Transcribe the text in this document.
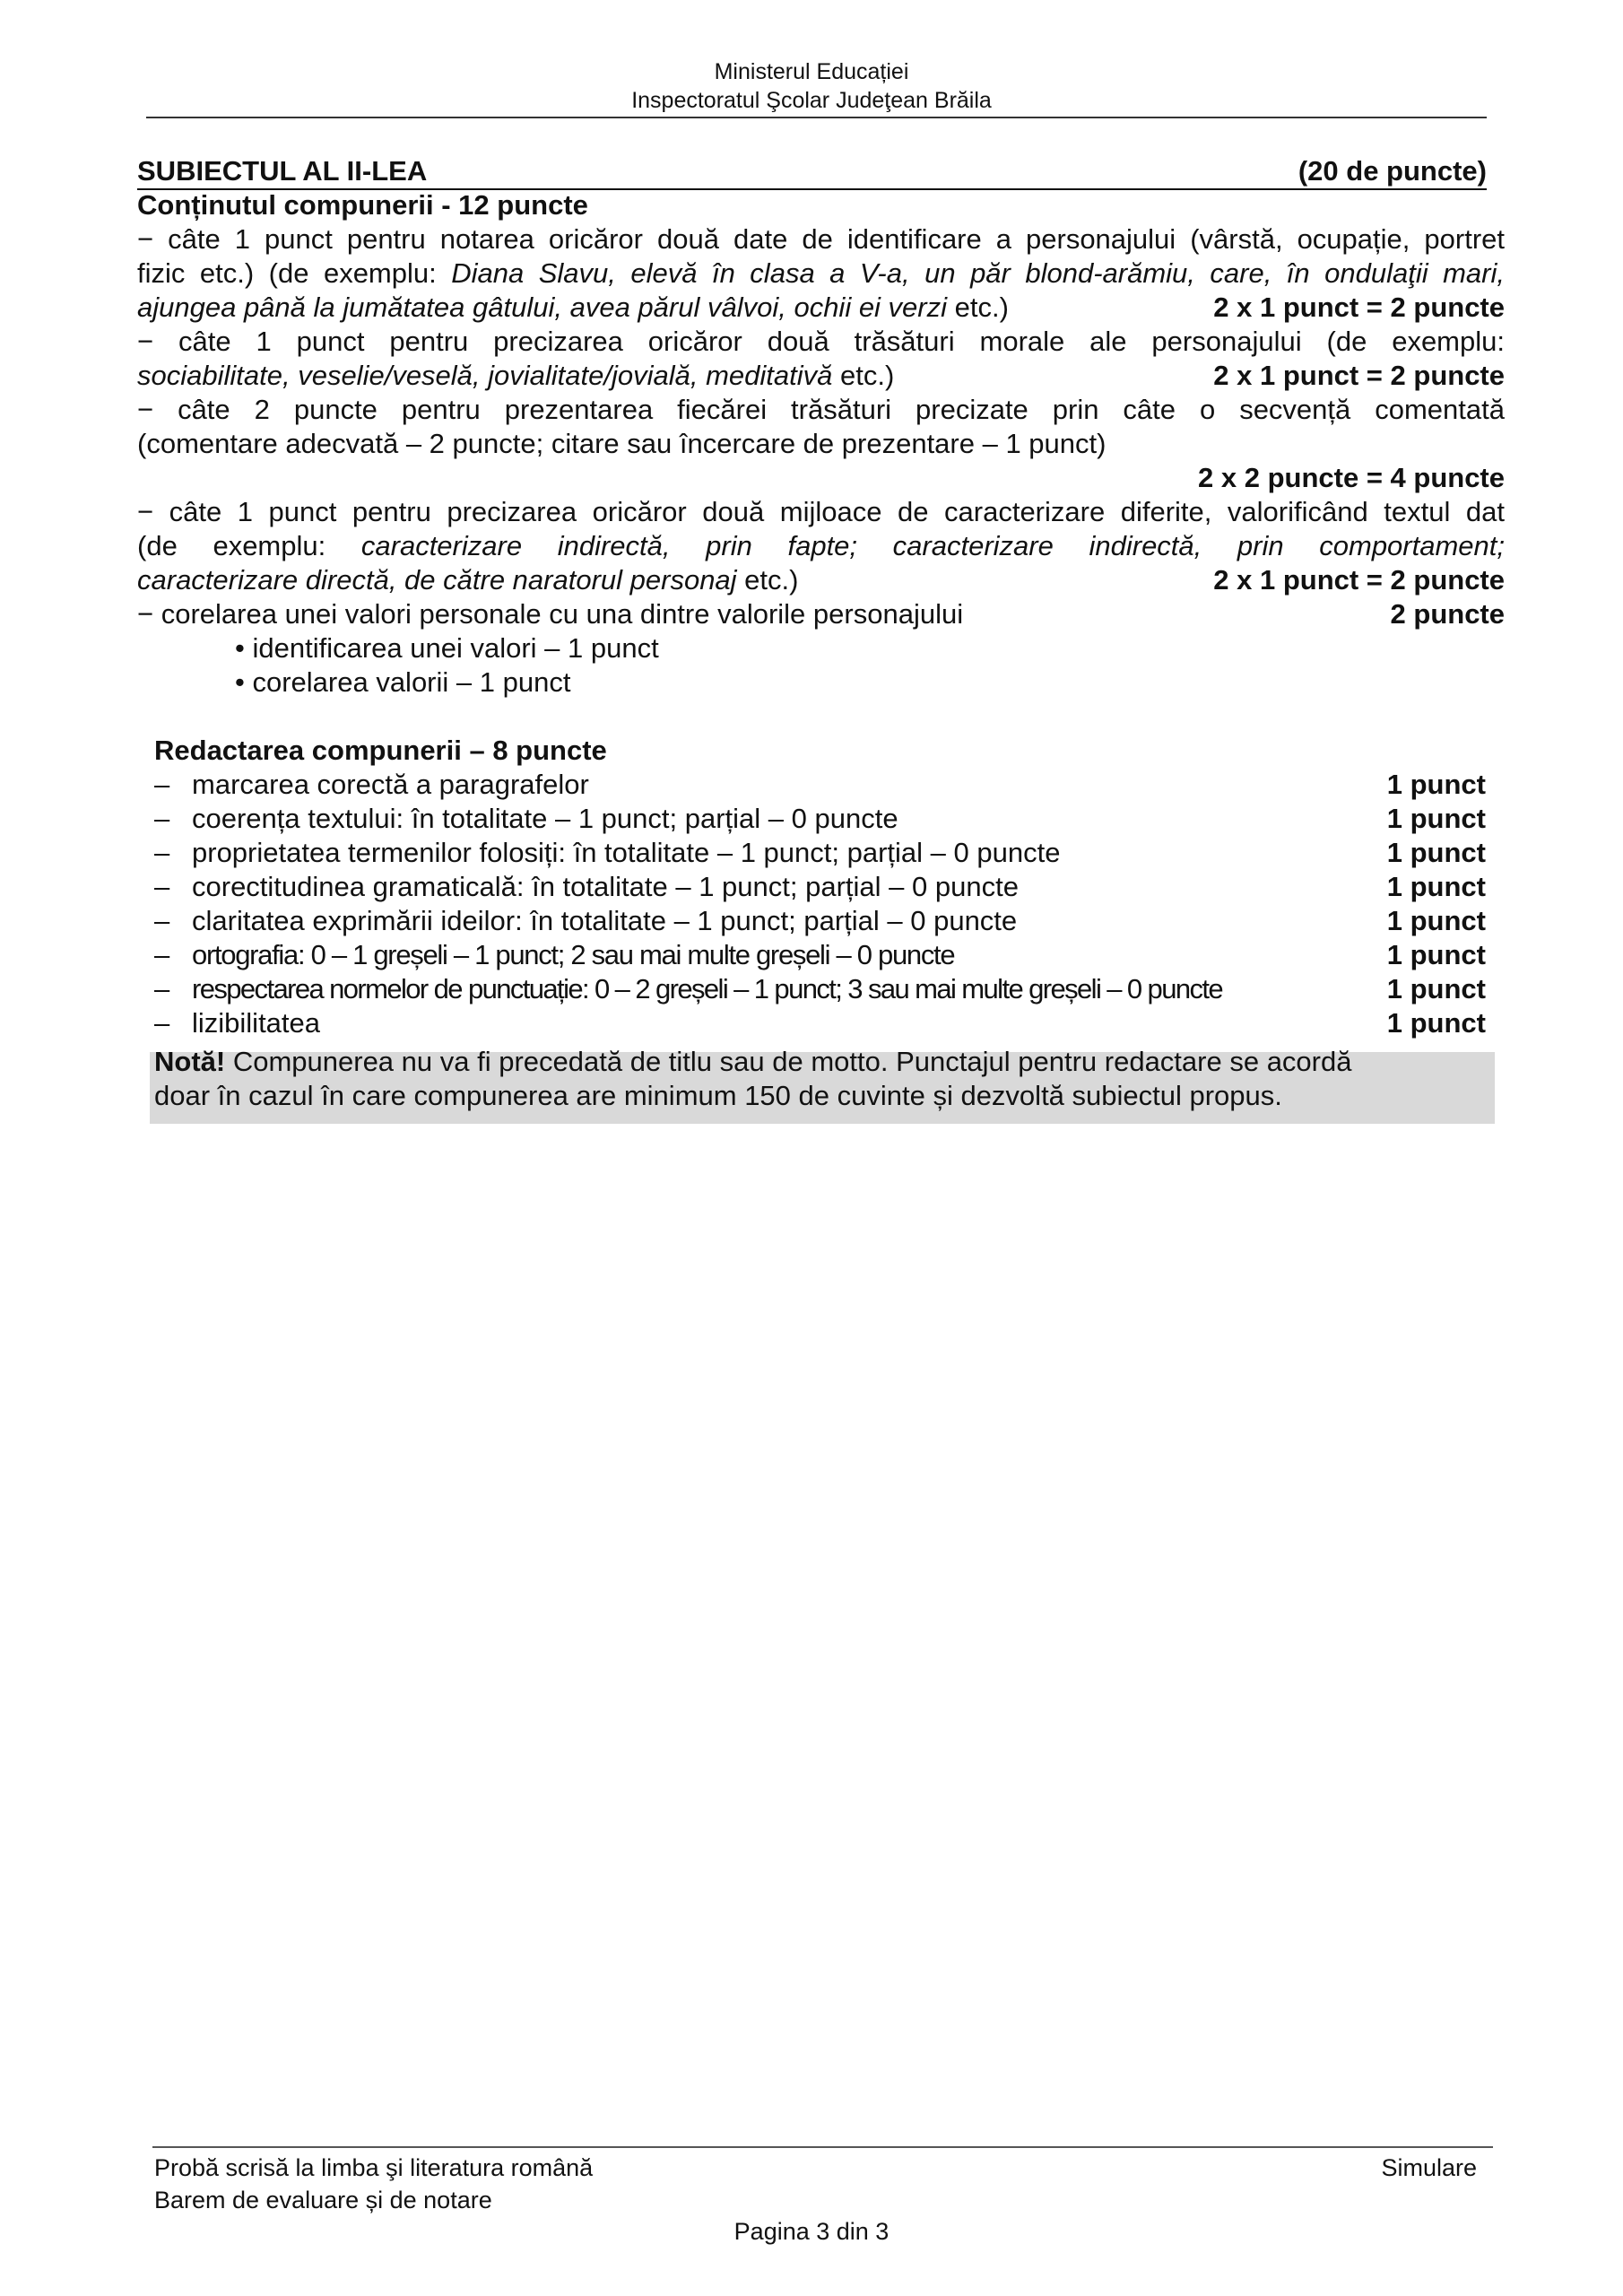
Ministerul Educației
Inspectoratul Şcolar Judeţean Brăila
SUBIECTUL AL II-LEA	(20 de puncte)
Conținutul compunerii - 12 puncte
− câte 1 punct pentru notarea oricăror două date de identificare a personajului (vârstă, ocupație, portret
fizic etc.) (de exemplu: Diana Slavu, elevă în clasa a V-a, un păr blond-arămiu, care, în ondulaţii mari,
ajungea până la jumătatea gâtului, avea părul vâlvoi, ochii ei verzi etc.)	2 x 1 punct = 2 puncte
− câte 1 punct pentru precizarea oricăror două trăsături morale ale personajului (de exemplu:
sociabilitate, veselie/veselă, jovialitate/jovială, meditativă etc.)	2 x 1 punct = 2 puncte
− câte 2 puncte pentru prezentarea fiecărei trăsături precizate prin câte o secvență comentată
(comentare adecvată – 2 puncte; citare sau încercare de prezentare – 1 punct)
2 x 2 puncte = 4 puncte
− câte 1 punct pentru precizarea oricăror două mijloace de caracterizare diferite, valorificând textul dat
(de exemplu: caracterizare indirectă, prin fapte; caracterizare indirectă, prin comportament;
caracterizare directă, de către naratorul personaj etc.)	2 x 1 punct = 2 puncte
− corelarea unei valori personale cu una dintre valorile personajului	2 puncte
• identificarea unei valori – 1 punct
• corelarea valorii – 1 punct
Redactarea compunerii – 8 puncte
– marcarea corectă a paragrafelor	1 punct
– coerența textului: în totalitate – 1 punct; parțial – 0 puncte	1 punct
– proprietatea termenilor folosiți: în totalitate – 1 punct; parțial – 0 puncte	1 punct
– corectitudinea gramaticală: în totalitate – 1 punct; parțial – 0 puncte	1 punct
– claritatea exprimării ideilor: în totalitate – 1 punct; parțial – 0 puncte	1 punct
– ortografia: 0 – 1 greșeli – 1 punct; 2 sau mai multe greșeli – 0 puncte	1 punct
– respectarea normelor de punctuație: 0 – 2 greșeli – 1 punct; 3 sau mai multe greșeli – 0 puncte	1 punct
– lizibilitatea	1 punct
Notă! Compunerea nu va fi precedată de titlu sau de motto. Punctajul pentru redactare se acordă
doar în cazul în care compunerea are minimum 150 de cuvinte și dezvoltă subiectul propus.
Probă scrisă la limba şi literatura română	Simulare
Barem de evaluare și de notare
Pagina 3 din 3
